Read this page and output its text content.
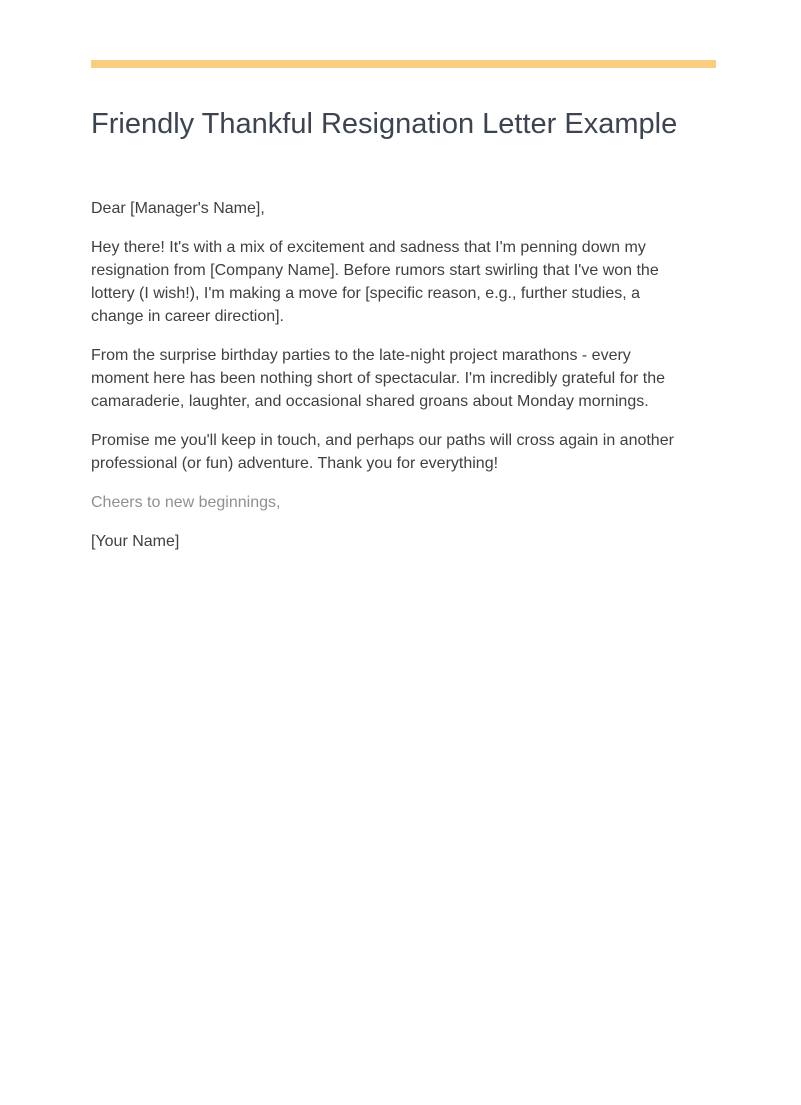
Friendly Thankful Resignation Letter Example

Dear [Manager's Name],

Hey there! It's with a mix of excitement and sadness that I'm penning down my resignation from [Company Name]. Before rumors start swirling that I've won the lottery (I wish!), I'm making a move for [specific reason, e.g., further studies, a change in career direction].

From the surprise birthday parties to the late-night project marathons - every moment here has been nothing short of spectacular. I'm incredibly grateful for the camaraderie, laughter, and occasional shared groans about Monday mornings.

Promise me you'll keep in touch, and perhaps our paths will cross again in another professional (or fun) adventure. Thank you for everything!

Cheers to new beginnings,

[Your Name]
